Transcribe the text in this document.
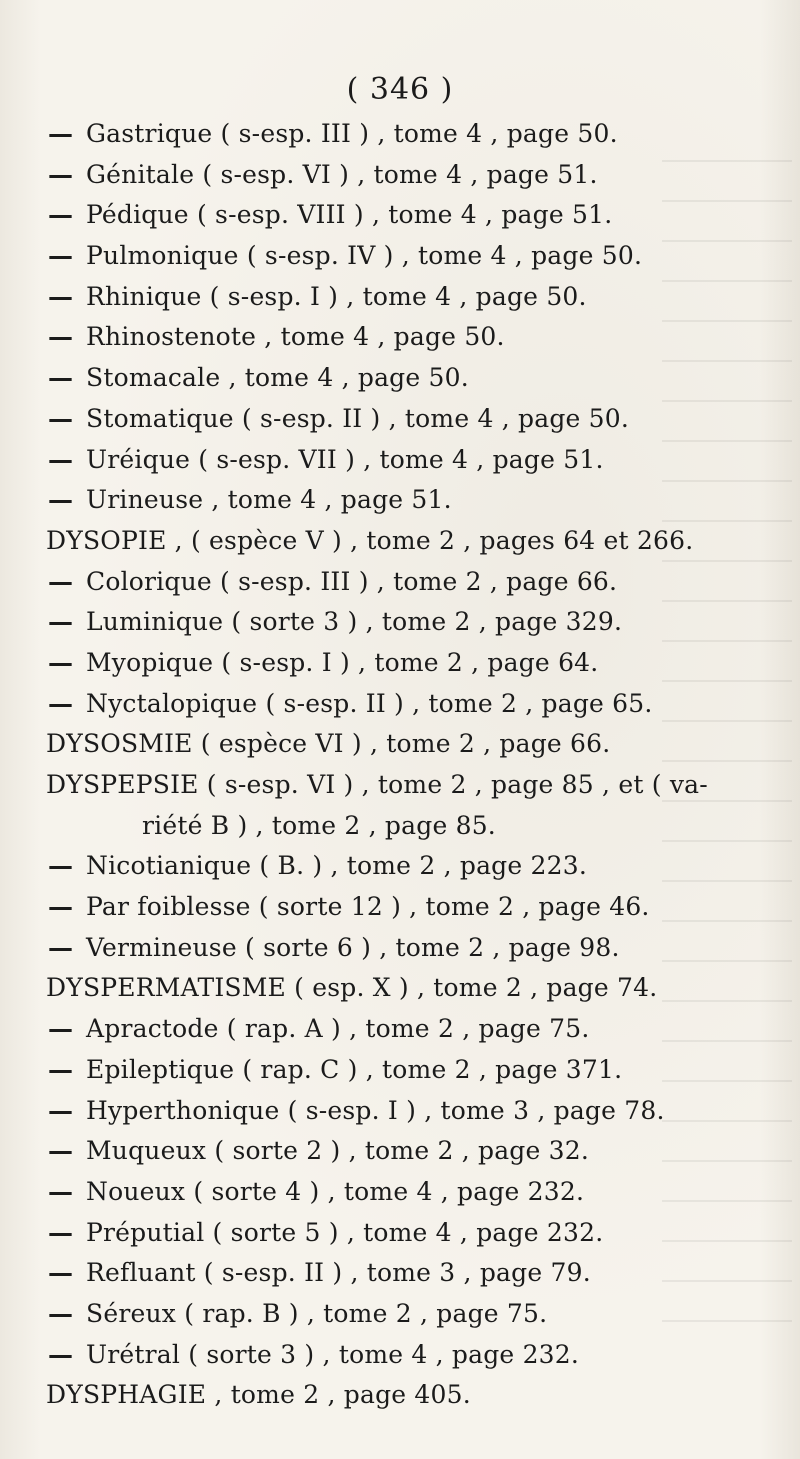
( 346 )
— Gastrique ( s-esp. III ) , tome 4 , page 50.
— Génitale ( s-esp. VI ) , tome 4 , page 51.
— Pédique ( s-esp. VIII ) , tome 4 , page 51.
— Pulmonique ( s-esp. IV ) , tome 4 , page 50.
— Rhinique ( s-esp. I ) , tome 4 , page 50.
— Rhinostenote , tome 4 , page 50.
— Stomacale , tome 4 , page 50.
— Stomatique ( s-esp. II ) , tome 4 , page 50.
— Uréique ( s-esp. VII ) , tome 4 , page 51.
— Urineuse , tome 4 , page 51.
DYSOPIE , ( espèce V ) , tome 2 , pages 64 et 266.
— Colorique ( s-esp. III ) , tome 2 , page 66.
— Luminique ( sorte 3 ) , tome 2 , page 329.
— Myopique ( s-esp. I ) , tome 2 , page 64.
— Nyctalopique ( s-esp. II ) , tome 2 , page 65.
DYSOSMIE ( espèce VI ) , tome 2 , page 66.
DYSPEPSIE ( s-esp. VI ) , tome 2 , page 85 , et ( va-
riété B ) , tome 2 , page 85.
— Nicotianique ( B. ) , tome 2 , page 223.
— Par foiblesse ( sorte 12 ) , tome 2 , page 46.
— Vermineuse ( sorte 6 ) , tome 2 , page 98.
DYSPERMATISME ( esp. X ) , tome 2 , page 74.
— Apractode ( rap. A ) , tome 2 , page 75.
— Epileptique ( rap. C ) , tome 2 , page 371.
— Hyperthonique ( s-esp. I ) , tome 3 , page 78.
— Muqueux ( sorte 2 ) , tome 2 , page 32.
— Noueux ( sorte 4 ) , tome 4 , page 232.
— Préputial ( sorte 5 ) , tome 4 , page 232.
— Refluant ( s-esp. II ) , tome 3 , page 79.
— Séreux ( rap. B ) , tome 2 , page 75.
— Urétral ( sorte 3 ) , tome 4 , page 232.
DYSPHAGIE , tome 2 , page 405.
